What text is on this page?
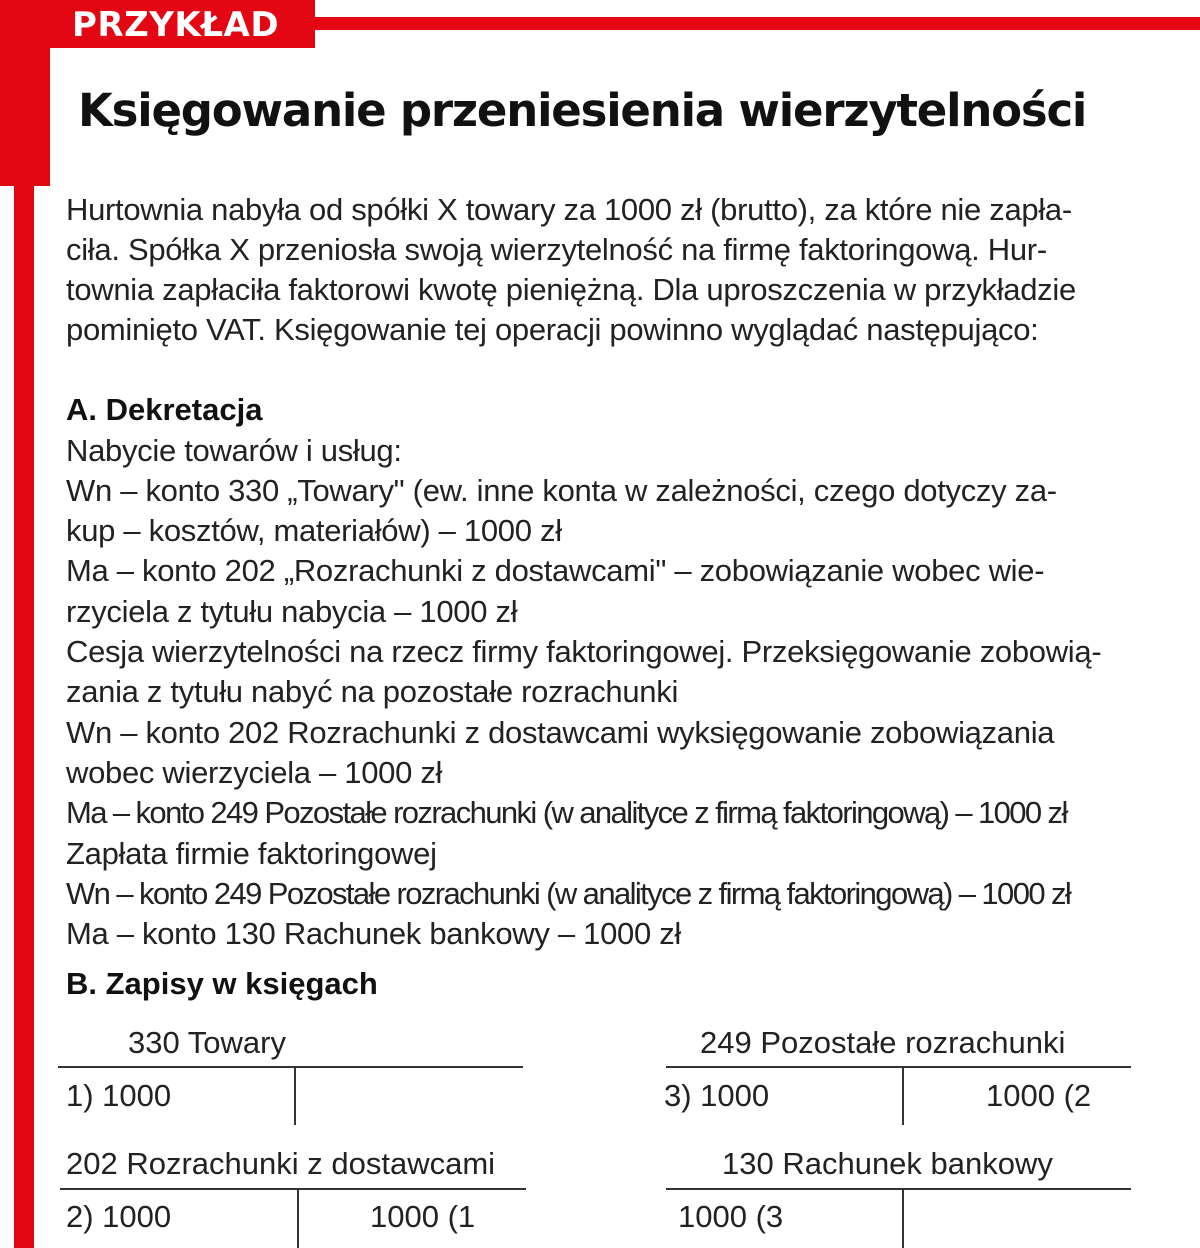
PRZYKŁAD
Księgowanie przeniesienia wierzytelności
Hurtownia nabyła od spółki X towary za 1000 zł (brutto), za które nie zapła-
ciła. Spółka X przeniosła swoją wierzytelność na firmę faktoringową. Hur-
townia zapłaciła faktorowi kwotę pieniężną. Dla uproszczenia w przykładzie
pominięto VAT. Księgowanie tej operacji powinno wyglądać następująco:
A. Dekretacja
Nabycie towarów i usług:
Wn – konto 330 „Towary" (ew. inne konta w zależności, czego dotyczy za-
kup – kosztów, materiałów) – 1000 zł
Ma – konto 202 „Rozrachunki z dostawcami" – zobowiązanie wobec wie-
rzyciela z tytułu nabycia – 1000 zł
Cesja wierzytelności na rzecz firmy faktoringowej. Przeksięgowanie zobowią-
zania z tytułu nabyć na pozostałe rozrachunki
Wn – konto 202 Rozrachunki z dostawcami wyksięgowanie zobowiązania
wobec wierzyciela – 1000 zł
Ma – konto 249 Pozostałe rozrachunki (w analityce z firmą faktoringową) – 1000 zł
Zapłata firmie faktoringowej
Wn – konto 249 Pozostałe rozrachunki (w analityce z firmą faktoringową) – 1000 zł
Ma – konto 130 Rachunek bankowy – 1000 zł
B. Zapisy w księgach
330 Towary
1) 1000
249 Pozostałe rozrachunki
3) 1000	1000 (2
202 Rozrachunki z dostawcami
2) 1000	1000 (1
130 Rachunek bankowy
1000 (3
